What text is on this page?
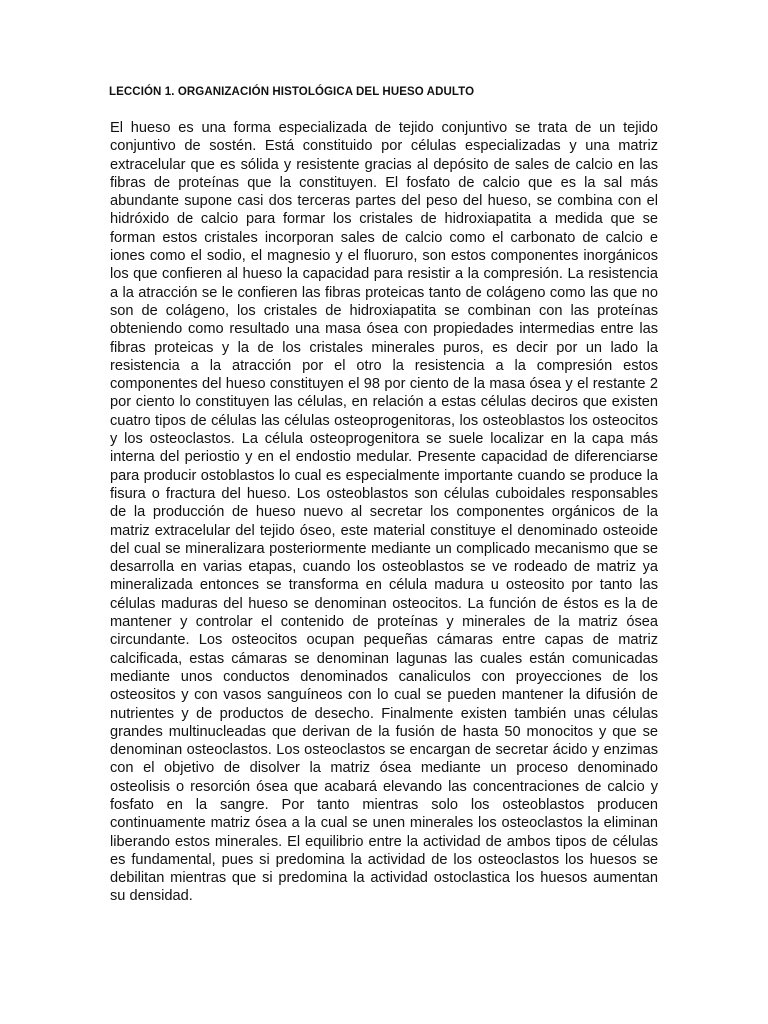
LECCIÓN 1. ORGANIZACIÓN HISTOLÓGICA DEL HUESO ADULTO

El hueso es una forma especializada de tejido conjuntivo se trata de un tejido conjuntivo de sostén. Está constituido por células especializadas y una matriz extracelular que es sólida y resistente gracias al depósito de sales de calcio en las fibras de proteínas que la constituyen. El fosfato de calcio que es la sal más abundante supone casi dos terceras partes del peso del hueso, se combina con el hidróxido de calcio para formar los cristales de hidroxiapatita a medida que se forman estos cristales incorporan sales de calcio como el carbonato de calcio e iones como el sodio, el magnesio y el fluoruro, son estos componentes inorgánicos los que confieren al hueso la capacidad para resistir a la compresión. La resistencia a la atracción se le confieren las fibras proteicas tanto de colágeno como las que no son de colágeno, los cristales de hidroxiapatita se combinan con las proteínas obteniendo como resultado una masa ósea con propiedades intermedias entre las fibras proteicas y la de los cristales minerales puros, es decir por un lado la resistencia a la atracción por el otro la resistencia a la compresión estos componentes del hueso constituyen el 98 por ciento de la masa ósea y el restante 2 por ciento lo constituyen las células, en relación a estas células deciros que existen cuatro tipos de células las células osteoprogenitoras, los osteoblastos los osteocitos y los osteoclastos. La célula osteoprogenitora se suele localizar en la capa más interna del periostio y en el endostio medular. Presente capacidad de diferenciarse para producir ostoblastos lo cual es especialmente importante cuando se produce la fisura o fractura del hueso. Los osteoblastos son células cuboidales responsables de la producción de hueso nuevo al secretar los componentes orgánicos de la matriz extracelular del tejido óseo, este material constituye el denominado osteoide del cual se mineralizara posteriormente mediante un complicado mecanismo que se desarrolla en varias etapas, cuando los osteoblastos se ve rodeado de matriz ya mineralizada entonces se transforma en célula madura u osteosito por tanto las células maduras del hueso se denominan osteocitos. La función de éstos es la de mantener y controlar el contenido de proteínas y minerales de la matriz ósea circundante. Los osteocitos ocupan pequeñas cámaras entre capas de matriz calcificada, estas cámaras se denominan lagunas las cuales están comunicadas mediante unos conductos denominados canaliculos con proyecciones de los osteositos y con vasos sanguíneos con lo cual se pueden mantener la difusión de nutrientes y de productos de desecho. Finalmente existen también unas células grandes multinucleadas que derivan de la fusión de hasta 50 monocitos y que se denominan osteoclastos. Los osteoclastos se encargan de secretar ácido y enzimas con el objetivo de disolver la matriz ósea mediante un proceso denominado osteolisis o resorción ósea que acabará elevando las concentraciones de calcio y fosfato en la sangre. Por tanto mientras solo los osteoblastos producen continuamente matriz ósea a la cual se unen minerales los osteoclastos la eliminan liberando estos minerales. El equilibrio entre la actividad de ambos tipos de células es fundamental, pues si predomina la actividad de los osteoclastos los huesos se debilitan mientras que si predomina la actividad ostoclastica los huesos aumentan su densidad.
